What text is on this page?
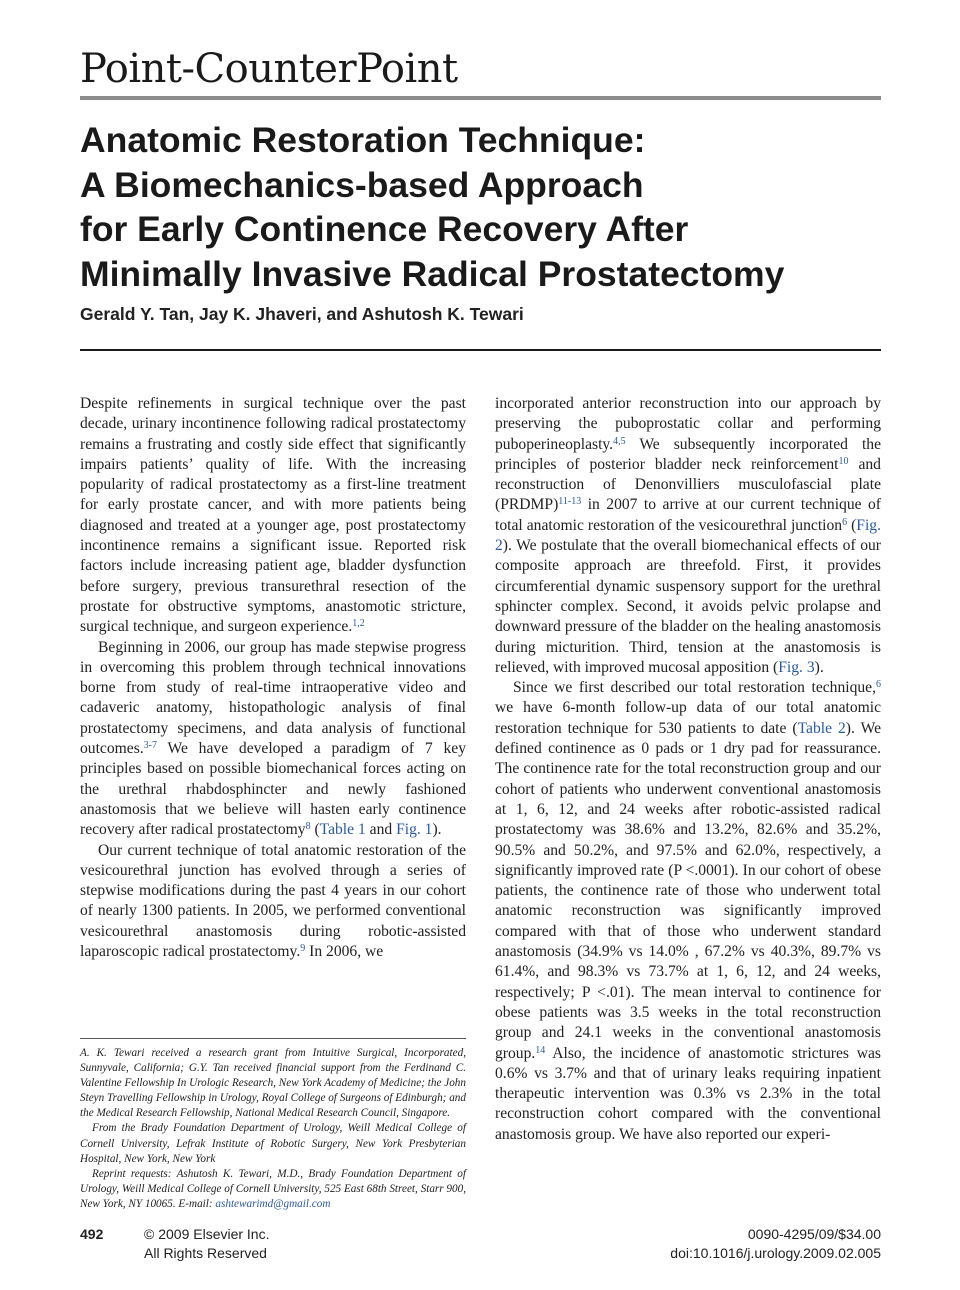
Point-CounterPoint
Anatomic Restoration Technique:
A Biomechanics-based Approach
for Early Continence Recovery After
Minimally Invasive Radical Prostatectomy
Gerald Y. Tan, Jay K. Jhaveri, and Ashutosh K. Tewari

Despite refinements in surgical technique over the past decade, urinary incontinence following radical prostatectomy remains a frustrating and costly side effect that significantly impairs patients’ quality of life. With the increasing popularity of radical prostatectomy as a first-line treatment for early prostate cancer, and with more patients being diagnosed and treated at a younger age, post prostatectomy incontinence remains a significant issue. Reported risk factors include increasing patient age, bladder dysfunction before surgery, previous transurethral resection of the prostate for obstructive symptoms, anastomotic stricture, surgical technique, and surgeon experience.$^{1,2}$

Beginning in 2006, our group has made stepwise progress in overcoming this problem through technical innovations borne from study of real-time intraoperative video and cadaveric anatomy, histopathologic analysis of final prostatectomy specimens, and data analysis of functional outcomes.$^{3-7}$ We have developed a paradigm of 7 key principles based on possible biomechanical forces acting on the urethral rhabdosphincter and newly fashioned anastomosis that we believe will hasten early continence recovery after radical prostatectomy$^8$ (Table 1 and Fig. 1).

Our current technique of total anatomic restoration of the vesicourethral junction has evolved through a series of stepwise modifications during the past 4 years in our cohort of nearly 1300 patients. In 2005, we performed conventional vesicourethral anastomosis during robotic-assisted laparoscopic radical prostatectomy.$^9$ In 2006, we

A. K. Tewari received a research grant from Intuitive Surgical, Incorporated, Sunnyvale, California; G.Y. Tan received financial support from the Ferdinand C. Valentine Fellowship In Urologic Research, New York Academy of Medicine; the John Steyn Travelling Fellowship in Urology, Royal College of Surgeons of Edinburgh; and the Medical Research Fellowship, National Medical Research Council, Singapore.

From the Brady Foundation Department of Urology, Weill Medical College of Cornell University, Lefrak Institute of Robotic Surgery, New York Presbyterian Hospital, New York, New York

Reprint requests: Ashutosh K. Tewari, M.D., Brady Foundation Department of Urology, Weill Medical College of Cornell University, 525 East 68th Street, Starr 900, New York, NY 10065. E-mail: ashtewarimd@gmail.com

incorporated anterior reconstruction into our approach by preserving the puboprostatic collar and performing puboperineoplasty.$^{4,5}$ We subsequently incorporated the principles of posterior bladder neck reinforcement$^{10}$ and reconstruction of Denonvilliers musculofascial plate (PRDMP)$^{11-13}$ in 2007 to arrive at our current technique of total anatomic restoration of the vesicourethral junction$^6$ (Fig. 2). We postulate that the overall biomechanical effects of our composite approach are threefold. First, it provides circumferential dynamic suspensory support for the urethral sphincter complex. Second, it avoids pelvic prolapse and downward pressure of the bladder on the healing anastomosis during micturition. Third, tension at the anastomosis is relieved, with improved mucosal apposition (Fig. 3).

Since we first described our total restoration technique,$^6$ we have 6-month follow-up data of our total anatomic restoration technique for 530 patients to date (Table 2). We defined continence as 0 pads or 1 dry pad for reassurance. The continence rate for the total reconstruction group and our cohort of patients who underwent conventional anastomosis at 1, 6, 12, and 24 weeks after robotic-assisted radical prostatectomy was 38.6% and 13.2%, 82.6% and 35.2%, 90.5% and 50.2%, and 97.5% and 62.0%, respectively, a significantly improved rate (P <.0001). In our cohort of obese patients, the continence rate of those who underwent total anatomic reconstruction was significantly improved compared with that of those who underwent standard anastomosis (34.9% vs 14.0% , 67.2% vs 40.3%, 89.7% vs 61.4%, and 98.3% vs 73.7% at 1, 6, 12, and 24 weeks, respectively; P <.01). The mean interval to continence for obese patients was 3.5 weeks in the total reconstruction group and 24.1 weeks in the conventional anastomosis group.$^{14}$ Also, the incidence of anastomotic strictures was 0.6% vs 3.7% and that of urinary leaks requiring inpatient therapeutic intervention was 0.3% vs 2.3% in the total reconstruction cohort compared with the conventional anastomosis group. We have also reported our experi-

492	© 2009 Elsevier Inc.
All Rights Reserved
0090-4295/09/$34.00
doi:10.1016/j.urology.2009.02.005
